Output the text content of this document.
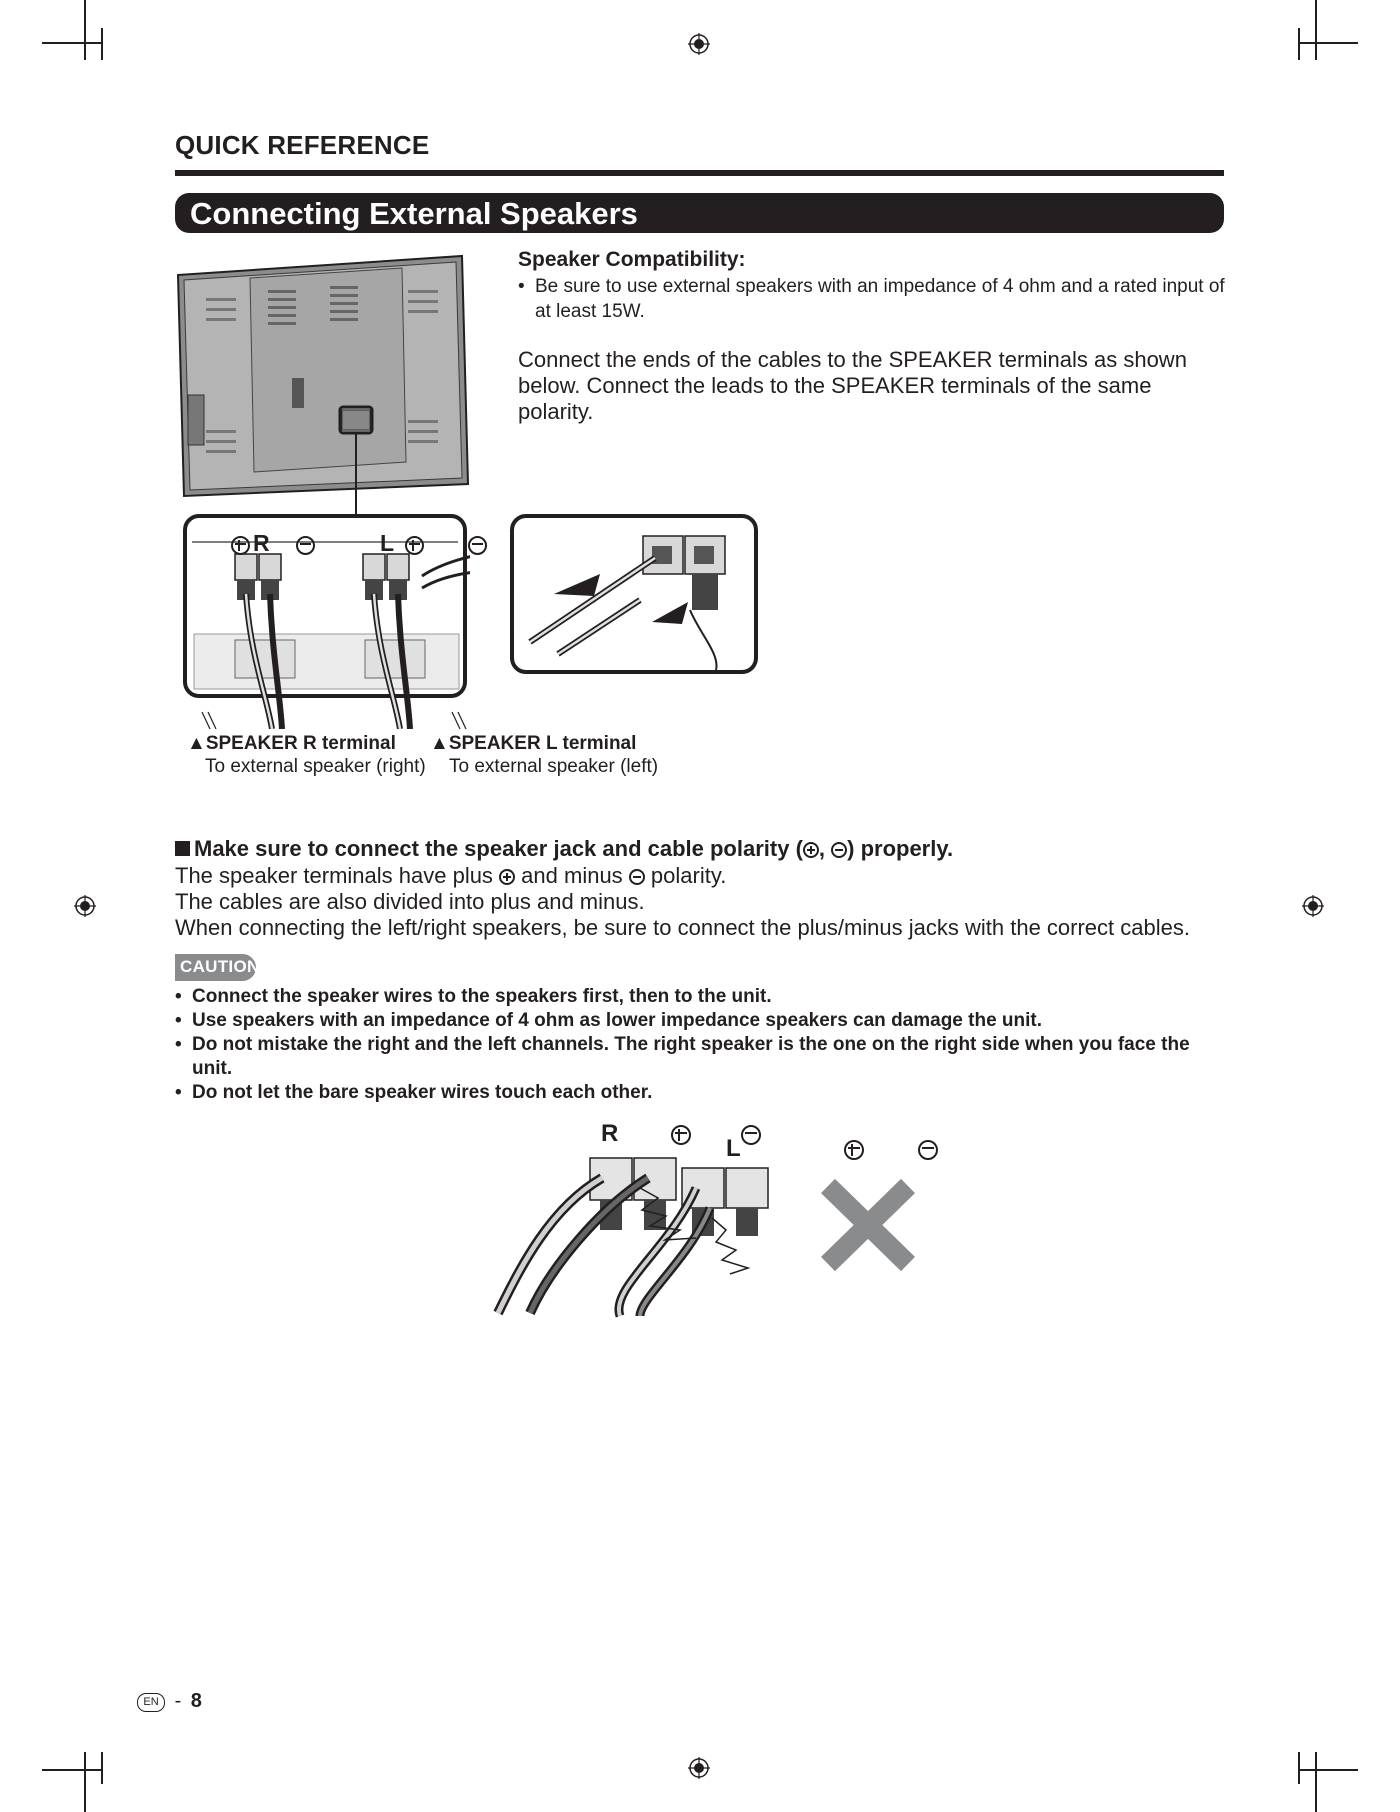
QUICK REFERENCE
Connecting External Speakers
Speaker Compatibility:
• Be sure to use external speakers with an impedance of 4 ohm and a rated input of at least 15W.
Connect the ends of the cables to the SPEAKER terminals as shown below. Connect the leads to the SPEAKER terminals of the same polarity.

R
	L

▲SPEAKER R terminal
To external speaker (right)
▲SPEAKER L terminal
To external speaker (left)
Make sure to connect the speaker jack and cable polarity ( , ) properly.
The speaker terminals have plus  and minus  polarity.
The cables are also divided into plus and minus.
When connecting the left/right speakers, be sure to connect the plus/minus jacks with the correct cables.
CAUTION
• Connect the speaker wires to the speakers first, then to the unit.
• Use speakers with an impedance of 4 ohm as lower impedance speakers can damage the unit.
• Do not mistake the right and the left channels. The right speaker is the one on the right side when you face the unit.
• Do not let the bare speaker wires touch each other.

R

L
EN - 8
